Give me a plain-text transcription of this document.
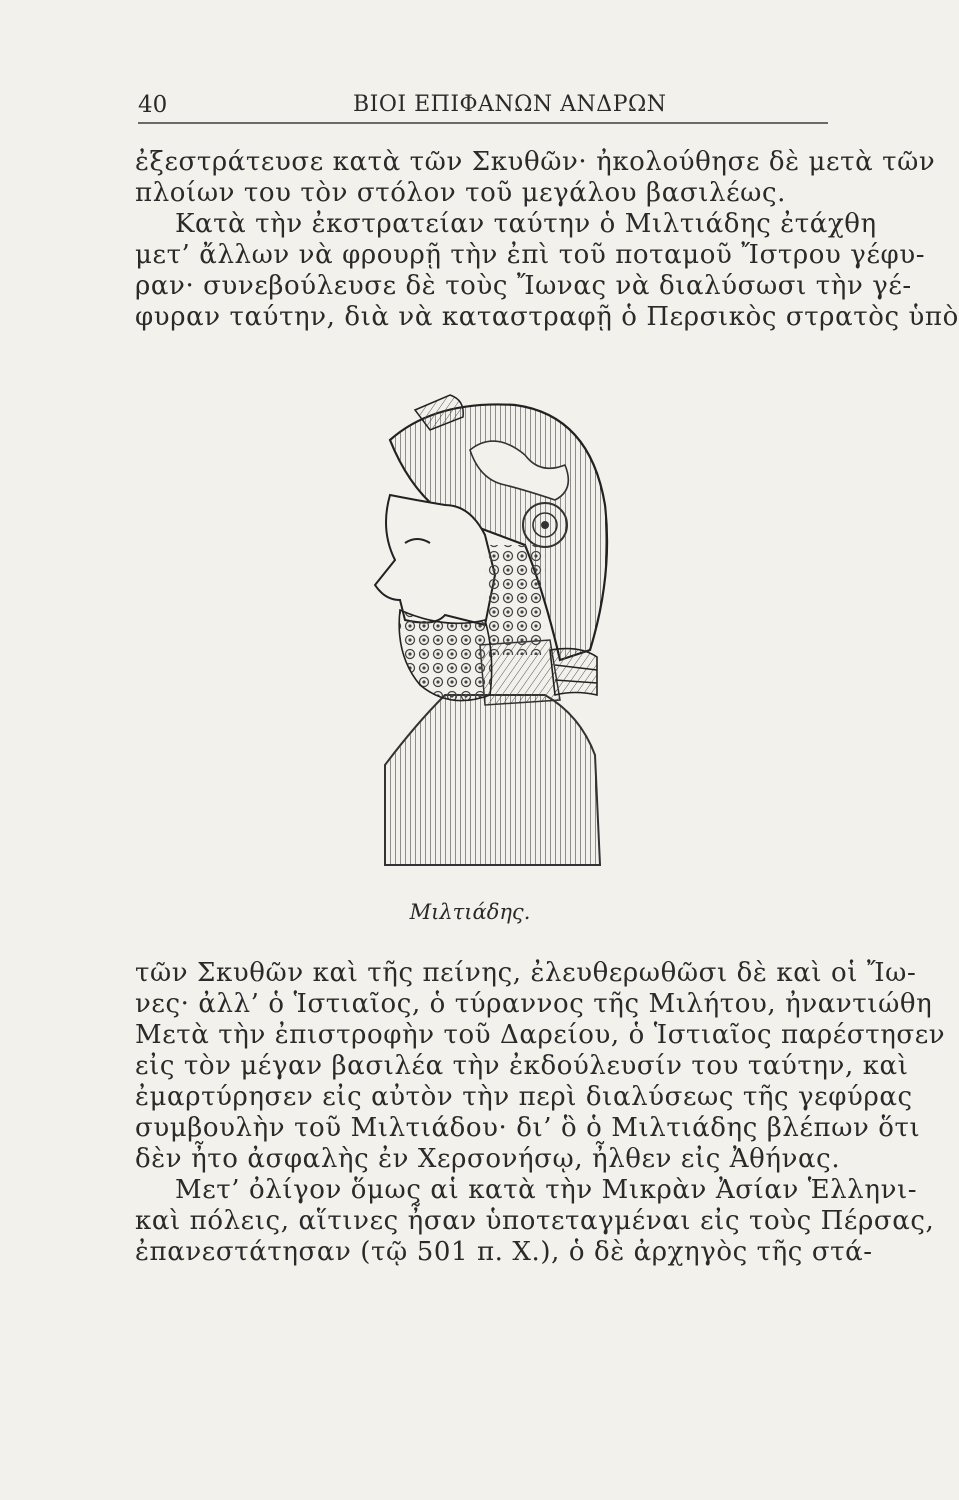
40	ΒΙΟΙ ΕΠΙΦΑΝΩΝ ΑΝΔΡΩΝ
ἐξεστράτευσε κατὰ τῶν Σκυθῶν· ἠκολούθησε δὲ μετὰ τῶν
πλοίων του τὸν στόλον τοῦ μεγάλου βασιλέως.
Κατὰ τὴν ἐκστρατείαν ταύτην ὁ Μιλτιάδης ἐτάχθη
μετ’ ἄλλων νὰ φρουρῇ τὴν ἐπὶ τοῦ ποταμοῦ Ἴστρου γέφυ-
ραν· συνεβούλευσε δὲ τοὺς Ἴωνας νὰ διαλύσωσι τὴν γέ-
φυραν ταύτην, διὰ νὰ καταστραφῇ ὁ Περσικὸς στρατὸς ὑπὸ
Μιλτιάδης.
τῶν Σκυθῶν καὶ τῆς πείνης, ἐλευθερωθῶσι δὲ καὶ οἱ Ἴω-
νες· ἀλλ’ ὁ Ἱστιαῖος, ὁ τύραννος τῆς Μιλήτου, ἠναντιώθη
Μετὰ τὴν ἐπιστροφὴν τοῦ Δαρείου, ὁ Ἱστιαῖος παρέστησεν
εἰς τὸν μέγαν βασιλέα τὴν ἐκδούλευσίν του ταύτην, καὶ
ἐμαρτύρησεν εἰς αὐτὸν τὴν περὶ διαλύσεως τῆς γεφύρας
συμβουλὴν τοῦ Μιλτιάδου· δι’ ὃ ὁ Μιλτιάδης βλέπων ὅτι
δὲν ἦτο ἀσφαλὴς ἐν Χερσονήσῳ, ἦλθεν εἰς Ἀθήνας.
Μετ’ ὀλίγον ὅμως αἱ κατὰ τὴν Μικρὰν Ἀσίαν Ἑλληνι-
καὶ πόλεις, αἵτινες ἦσαν ὑποτεταγμέναι εἰς τοὺς Πέρσας,
ἐπανεστάτησαν (τῷ 501 π. Χ.), ὁ δὲ ἀρχηγὸς τῆς στά-
